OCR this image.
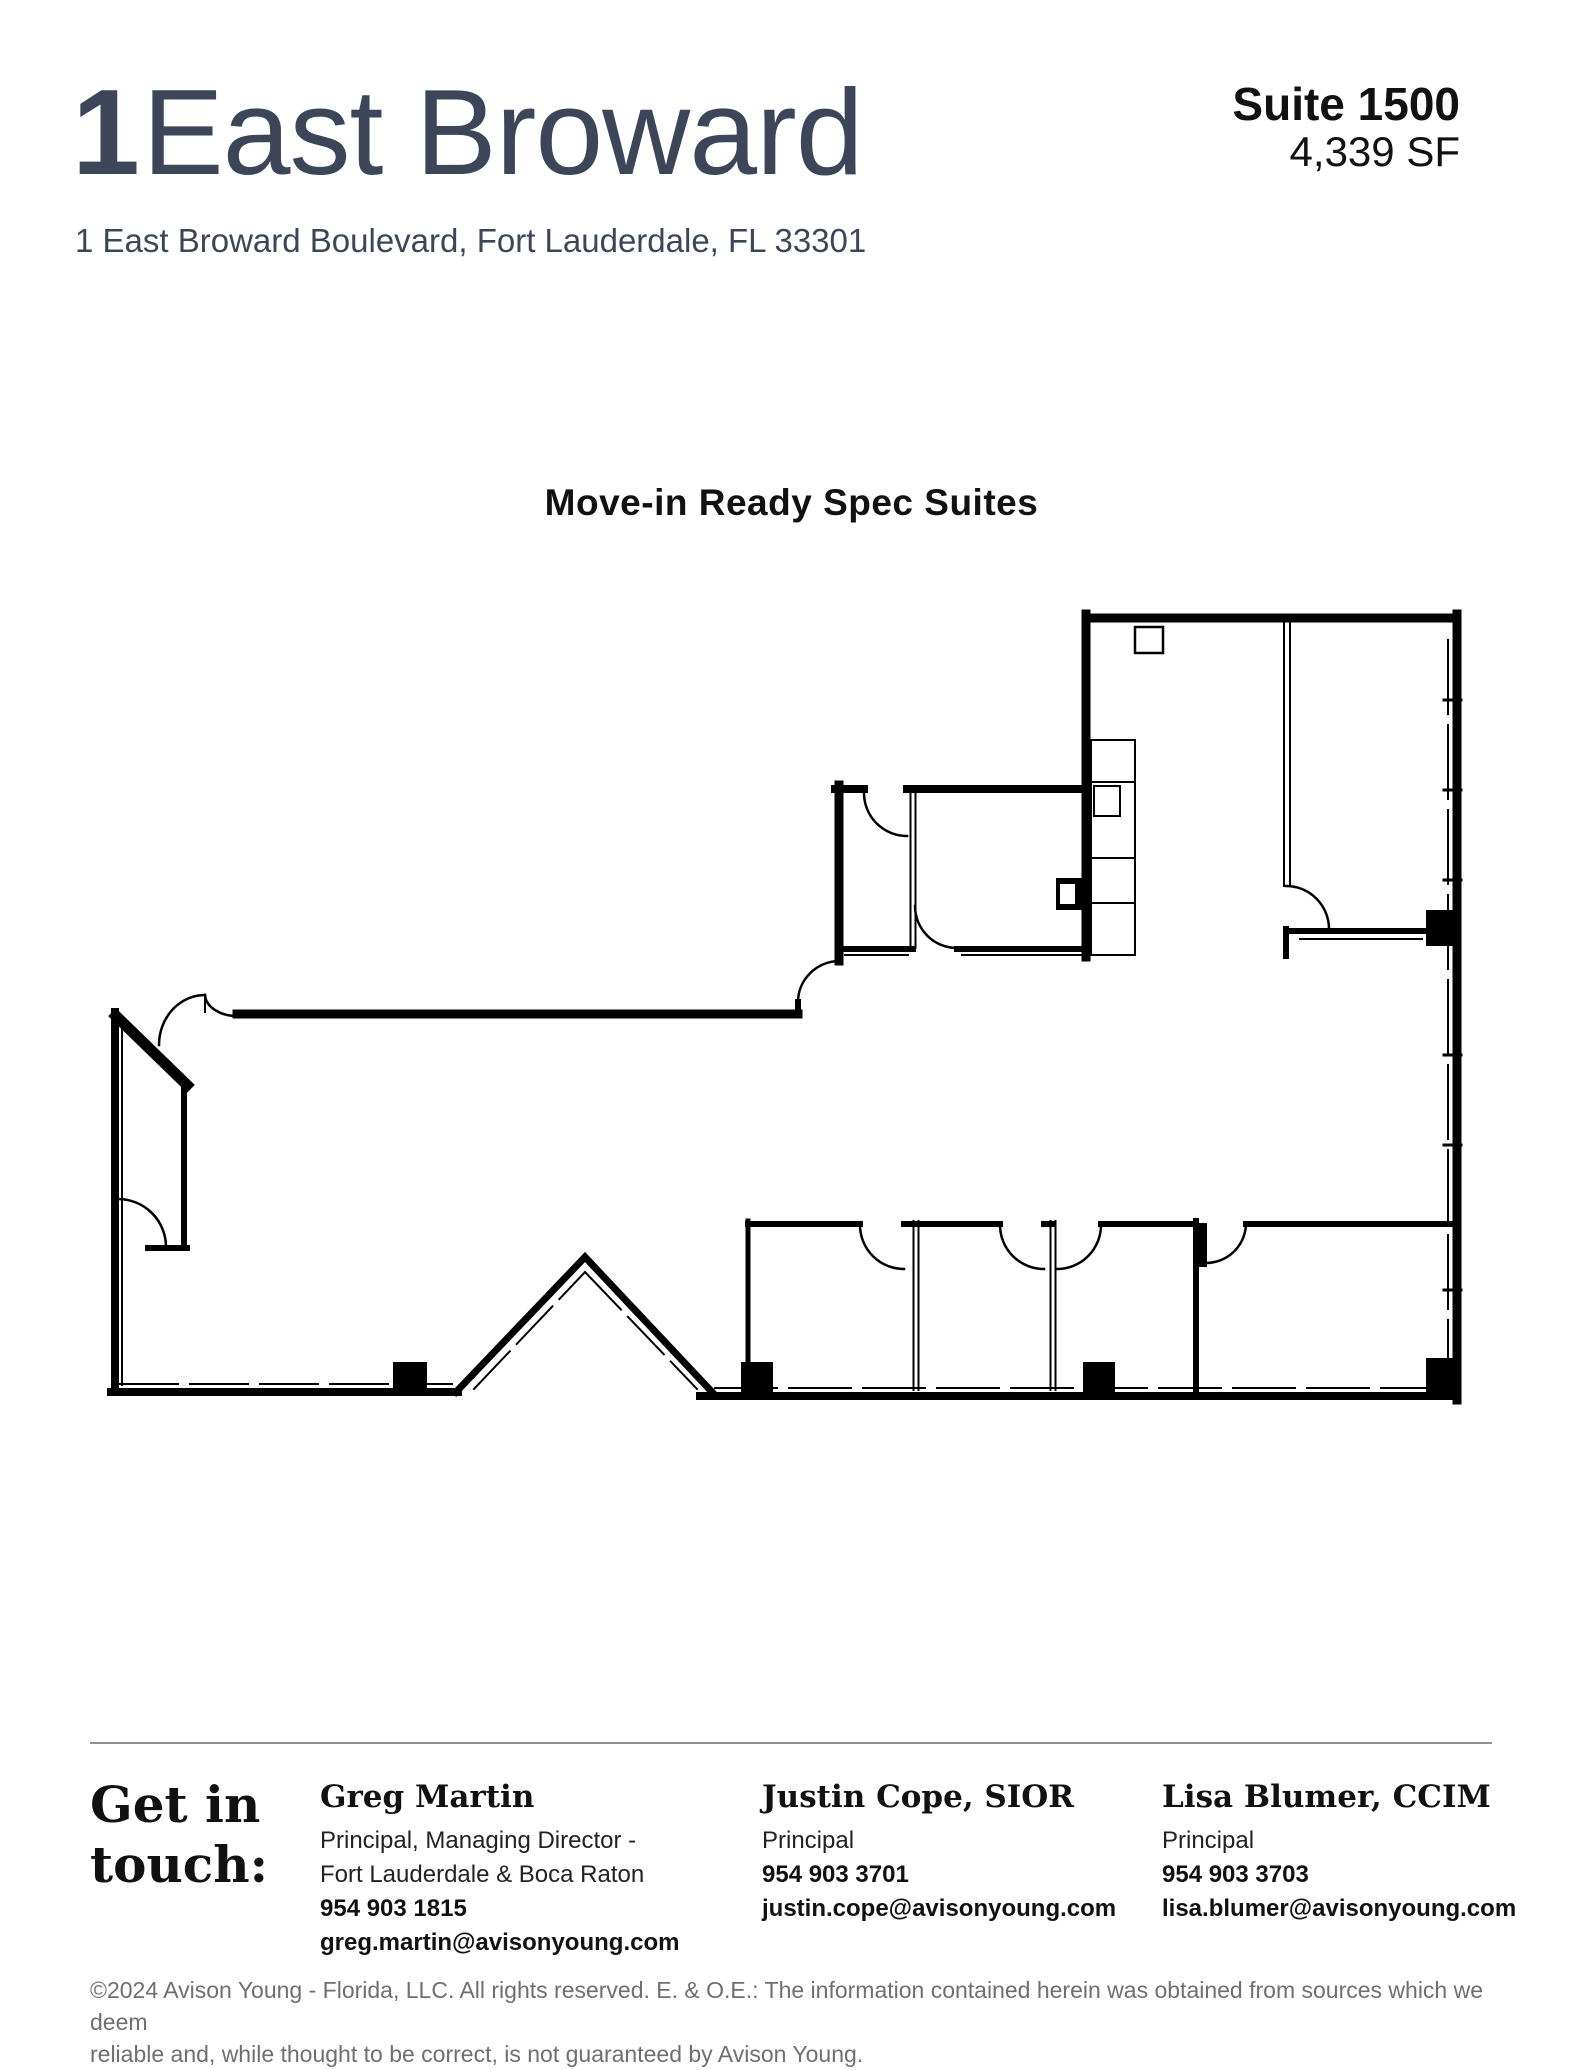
1 East Broward
1 East Broward Boulevard, Fort Lauderdale, FL 33301
Suite 1500
4,339 SF
Move-in Ready Spec Suites
Get in
touch:
Greg Martin
Principal, Managing Director -
Fort Lauderdale & Boca Raton
954 903 1815
greg.martin@avisonyoung.com
Justin Cope, SIOR
Principal
954 903 3701
justin.cope@avisonyoung.com
Lisa Blumer, CCIM
Principal
954 903 3703
lisa.blumer@avisonyoung.com
©2024 Avison Young - Florida, LLC. All rights reserved. E. & O.E.: The information contained herein was obtained from sources which we deem
reliable and, while thought to be correct, is not guaranteed by Avison Young.
